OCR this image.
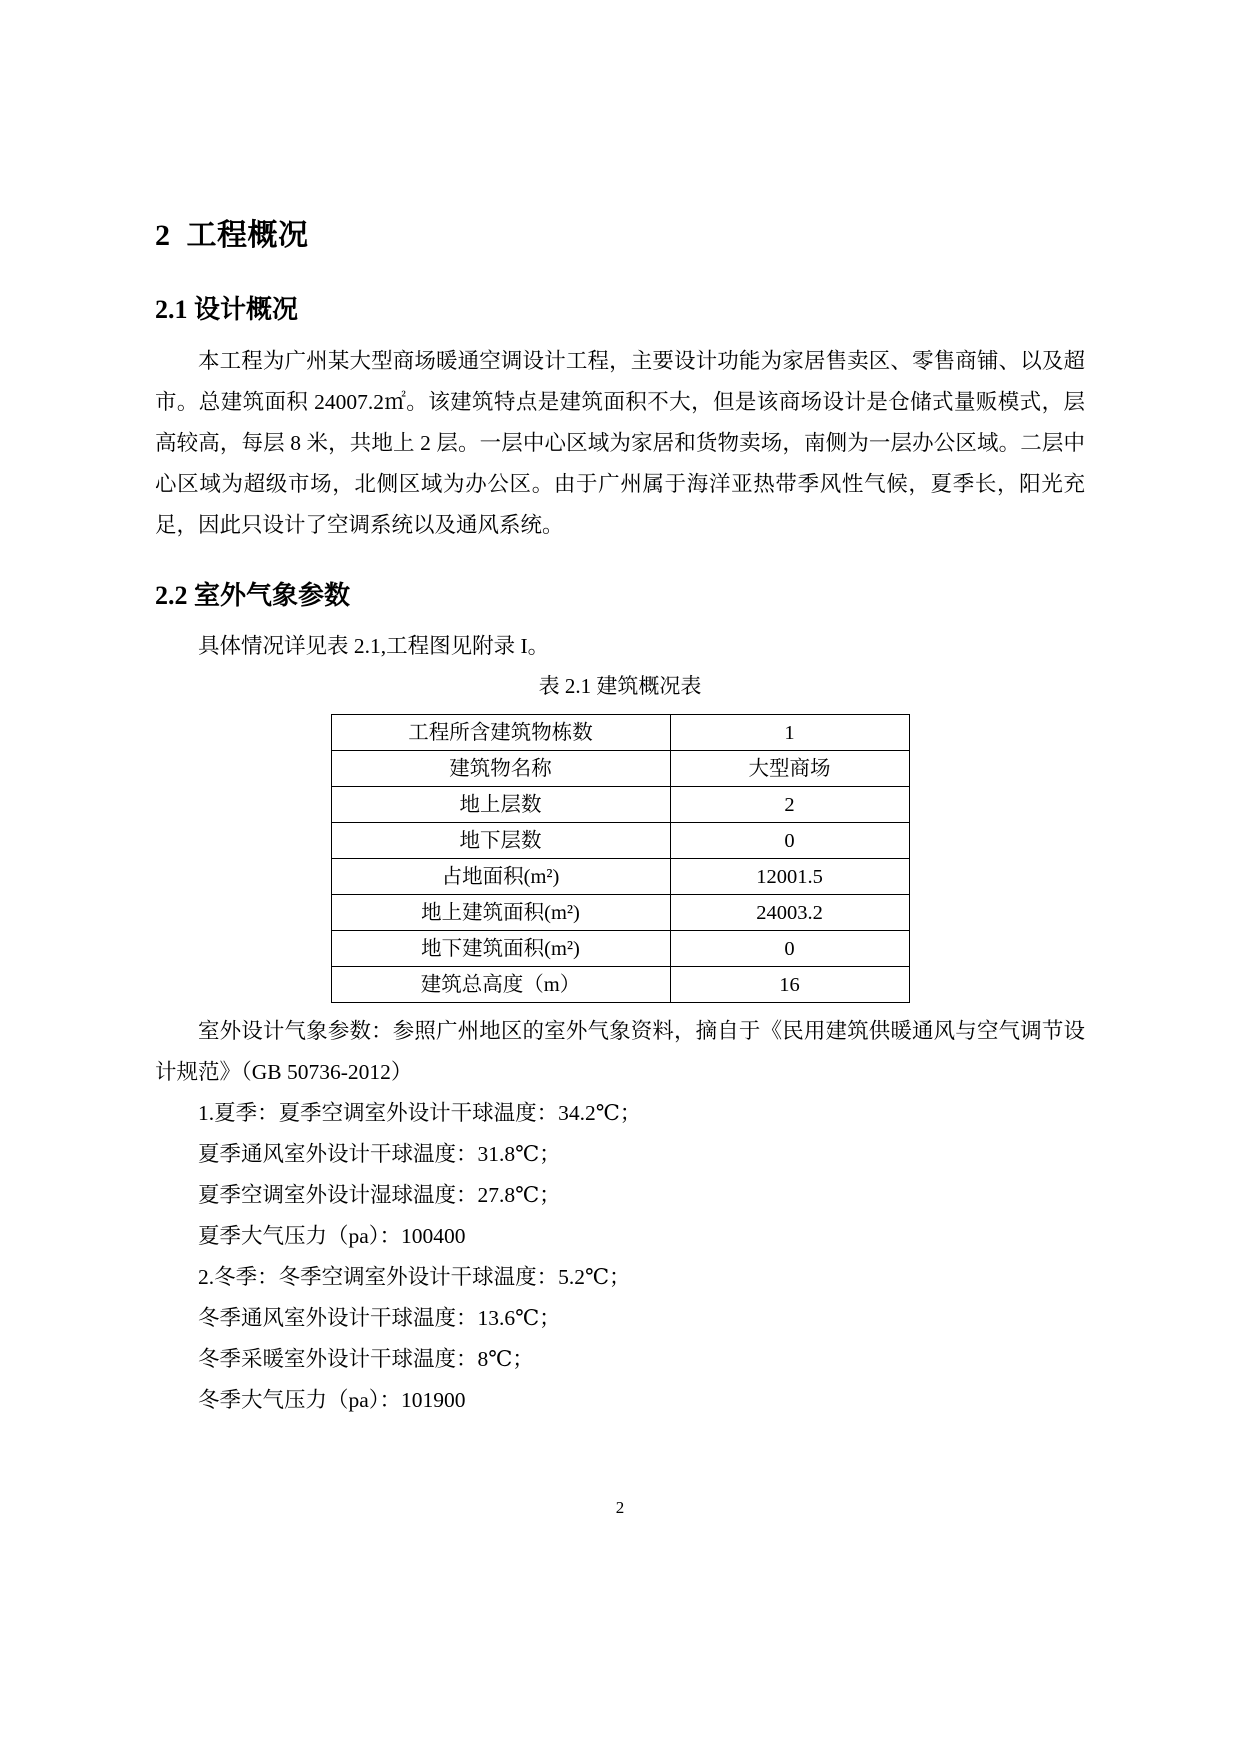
2  工程概况
2.1 设计概况

本工程为广州某大型商场暖通空调设计工程，主要设计功能为家居售卖区、零售商铺、以及超市。总建筑面积 24007.2㎡。该建筑特点是建筑面积不大，但是该商场设计是仓储式量贩模式，层高较高，每层 8 米，共地上 2 层。一层中心区域为家居和货物卖场，南侧为一层办公区域。二层中心区域为超级市场，北侧区域为办公区。由于广州属于海洋亚热带季风性气候，夏季长，阳光充足，因此只设计了空调系统以及通风系统。

2.2 室外气象参数

具体情况详见表 2.1,工程图见附录 I。

表 2.1 建筑概况表
工程所含建筑物栋数	1
建筑物名称	大型商场
地上层数	2
地下层数	0
占地面积(m²)	12001.5
地上建筑面积(m²)	24003.2
地下建筑面积(m²)	0
建筑总高度（m）	16

室外设计气象参数：参照广州地区的室外气象资料，摘自于《民用建筑供暖通风与空气调节设计规范》（GB 50736-2012）

1.夏季：夏季空调室外设计干球温度：34.2℃；

夏季通风室外设计干球温度：31.8℃；

夏季空调室外设计湿球温度：27.8℃；

夏季大气压力（pa）：100400

2.冬季：冬季空调室外设计干球温度：5.2℃；

冬季通风室外设计干球温度：13.6℃；

冬季采暖室外设计干球温度：8℃；

冬季大气压力（pa）：101900

2
